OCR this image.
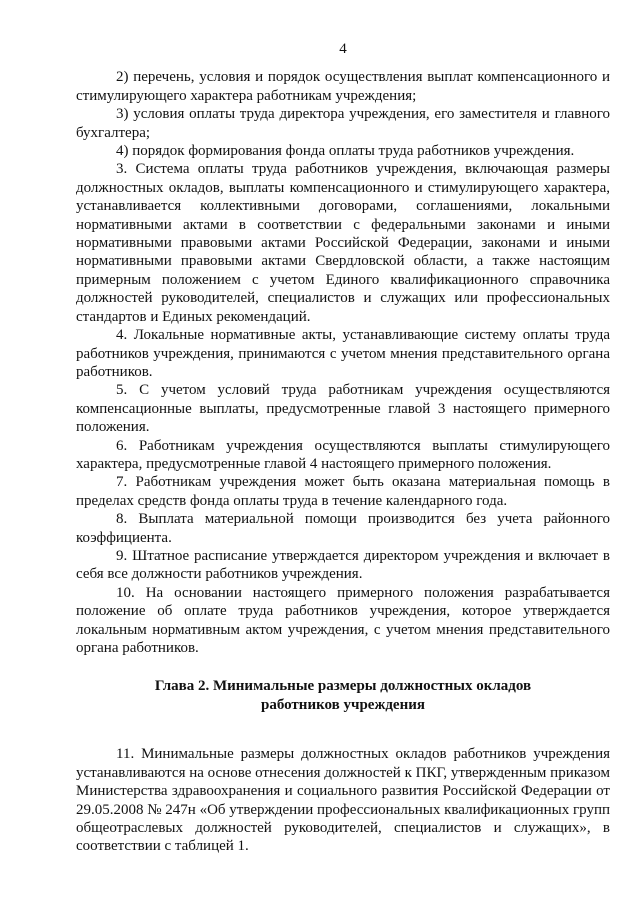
4

2) перечень, условия и порядок осуществления выплат компенсационного и стимулирующего характера работникам учреждения;

3) условия оплаты труда директора учреждения, его заместителя и главного бухгалтера;

4) порядок формирования фонда оплаты труда работников учреждения.

3. Система оплаты труда работников учреждения, включающая размеры должностных окладов, выплаты компенсационного и стимулирующего характера, устанавливается коллективными договорами, соглашениями, локальными нормативными актами в соответствии с федеральными законами и иными нормативными правовыми актами Российской Федерации, законами и иными нормативными правовыми актами Свердловской области, а также настоящим примерным положением с учетом Единого квалификационного справочника должностей руководителей, специалистов и служащих или профессиональных стандартов и Единых рекомендаций.

4. Локальные нормативные акты, устанавливающие систему оплаты труда работников учреждения, принимаются с учетом мнения представительного органа работников.

5. С учетом условий труда работникам учреждения осуществляются компенсационные выплаты, предусмотренные главой 3 настоящего примерного положения.

6. Работникам учреждения осуществляются выплаты стимулирующего характера, предусмотренные главой 4 настоящего примерного положения.

7. Работникам учреждения может быть оказана материальная помощь в пределах средств фонда оплаты труда в течение календарного года.

8. Выплата материальной помощи производится без учета районного коэффициента.

9. Штатное расписание утверждается директором учреждения и включает в себя все должности работников учреждения.

10. На основании настоящего примерного положения разрабатывается положение об оплате труда работников учреждения, которое утверждается локальным нормативным актом учреждения, с учетом мнения представительного органа работников.

Глава 2. Минимальные размеры должностных окладов

работников учреждения

11. Минимальные размеры должностных окладов работников учреждения устанавливаются на основе отнесения должностей к ПКГ, утвержденным приказом Министерства здравоохранения и социального развития Российской Федерации от 29.05.2008 № 247н «Об утверждении профессиональных квалификационных групп общеотраслевых должностей руководителей, специалистов и служащих», в соответствии с таблицей 1.
